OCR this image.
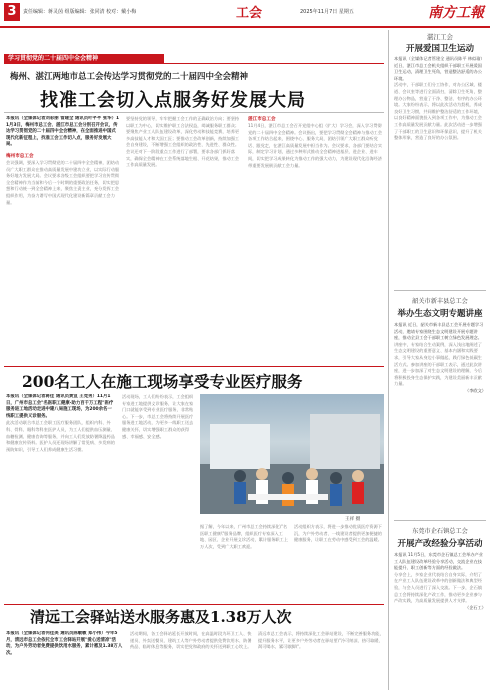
3	责任编辑：蒋灵茵 组版编辑：张同清 校对：戴小梅	工会	2025年11月7日 星期五	南方工報
学习贯彻党的二十届四中全会精神
梅州、湛江两地市总工会传达学习贯彻党的二十届四中全会精神
找准工会切入点服务好发展大局
本报讯（全媒体记者刘彩丽 管建全 通讯员叶芊芊 张华）11月3日，梅州市总工会、湛江市总工会分别召开会议，传达学习贯彻党的二十届四中全会精神，在全面推进中国式现代化新征程上，找准工会工作切入点，服务好发展大局。
梅州市总工会
会议强调，要深入学习贯彻党的二十届四中全会精神，团结动员广大职工群众在推动高质量发展中建功立业，以实际行动服务好地方发展大局。会议要求各级工会组织要把学习宣传贯彻全会精神作为当前和今后一个时期的重要政治任务，切实把思想和行动统一到全会精神上来，聚焦主责主业，充分发挥工会组织作用，为奋力谱写中国式现代化建设新篇章贡献工会力量。
要坚持党的领导，牢牢把握工会工作的正确政治方向；要坚持以职工为中心，切实维护职工合法权益，竭诚服务职工群众；要聚焦产业工人队伍建设改革，深化劳动和技能竞赛，培养更多高技能人才和大国工匠；要推动工会改革创新，持续加强工会自身建设，不断增强工会组织的政治性、先进性、群众性。会议还对下一阶段重点工作进行了部署，要求各部门抓好落实，确保全会精神在工会系统落地生根、开花结果，推动工会工作高质量发展。
湛江市总工会
11月4日，湛江市总工会召开党组中心组（扩大）学习会，深入学习贯彻党的二十届四中全会精神。会议指出，要把学习贯彻全会精神与推动工会各项工作结合起来，围绕中心、服务大局，团结引领广大职工群众听党话、跟党走，在湛江高质量发展中担当作为。会议要求，各部门要结合实际，制定学习计划，通过多种形式推动全会精神进基层、进企业、进车间，切实把学习成果转化为推动工作的强大动力，为建设现代化沿海经济带重要发展极贡献工会力量。
200名工人在施工现场享受专业医疗服务
本报讯（全媒体记者蒋佳 通讯员黄宣 王竞男）11月1日，广州市总工会"名医职工健康·助力百千万工程"医疗服务进工地活动走进中建八局施工现场，为200余名一线职工提供义诊服务。
此次活动联合市总工会职工医疗服务团队，组织内科、外科、骨科、眼科等科室医护人员，为工人们提供血压测量、血糖检测、健康咨询等服务，并向工人们发放防暑降温药品和健康宣传资料。医护人员还现场讲解了常见病、多发病的预防知识，引导工人们养成健康生活习惯。
活动现场，工人们纷纷表示，工会组织专家进工地提供义诊服务，让大家在家门口就能享受到专业医疗服务，非常贴心。下一步，市总工会将持续开展医疗服务进工地活动，为更多一线职工送去健康关怀，切实增强职工群众的获得感、幸福感、安全感。
王祥 摄
据了解，今年以来，广州市总工会持续深化\"名医职工健康\"服务品牌，组织医疗专家深入工地、园区、企业开展义诊活动，累计服务职工上万人次，受到广大职工欢迎。
活动组织方表示，将进一步推动优质医疗资源下沉，为户外劳动者、一线建设者提供更加便捷的健康服务，让职工在劳动中感受到工会的温暖。
清远工会驿站送水服务惠及1.38万人次
本报讯（全媒体记者何佳美 通讯员陈敏敏 郑小伟）今年5月，清远市总工会依托全市工会驿站开展"爱心送清凉"活动，为户外劳动者免费提供饮用水服务，累计惠及1.38万人次。
活动期间，各工会驿站延长开放时间，在高温时段为环卫工人、快递员、外卖送餐员、建筑工人等户外劳动者提供免费饮用水、防暑药品、临时休息等服务，切实把党和政府的关怀送到职工心坎上。
清远市总工会表示，将持续深化工会驿站建设，不断完善服务功能，提升服务水平，让更多户外劳动者在驿站里\"冷可纳凉、热可取暖、渴可喝水、累可歇脚\"。
湛江工会
开展爱国卫生运动
本报讯（全媒体记者管建全 通讯员陈平 林似瑜）近日，湛江市总工会机关组织干部职工开展爱国卫生运动，清理卫生死角，营造整洁舒适的办公环境。
活动中，干部职工们分工协作，对办公区域、楼道、会议室等进行全面清扫，清除卫生死角，整理办公物品，营造了干净、整洁、有序的办公环境。大家纷纷表示，将以此次活动为契机，养成良好卫生习惯，共同维护整洁舒适的工作环境，以良好精神面貌投入到各项工作中，为推动工会工作高质量发展贡献力量。此次活动进一步增强了干部职工的卫生意识和环保意识，提升了机关整体形象，营造了良好的办公氛围。
韶关市新丰县总工会
举办生态文明专题讲座
本报讯 近日，韶关市新丰县总工会开展专题学习活动，邀请专家围绕生态文明建设开展专题讲座，推动全县工会干部职工树立绿色发展理念。
讲座中，专家结合生动案例，深入浅出地阐述了生态文明建设的重要意义、基本内涵和实践要求，引导大家从身边小事做起，践行绿色低碳生活方式。参加讲座的干部职工表示，通过此次讲座，进一步加深了对生态文明建设的理解，今后将积极投身生态保护实践，为建设美丽新丰贡献力量。
（李欣文）
东莞市企石镇总工会
开展产改经验分享活动
本报讯 11月5日，东莞市企石镇总工会举办产业工人队伍建设改革经验分享活动，交流企业在技能提升、职工创新等方面的经验做法。
分享会上，多家企业代表结合自身实际，介绍了在产业工人队伍建设改革中的创新做法和典型经验，与会人员进行了深入交流。下一步，企石镇总工会将持续深化产改工作，推动更多企业参与产改实践，为高质量发展提供人才支撑。
（企石工）
